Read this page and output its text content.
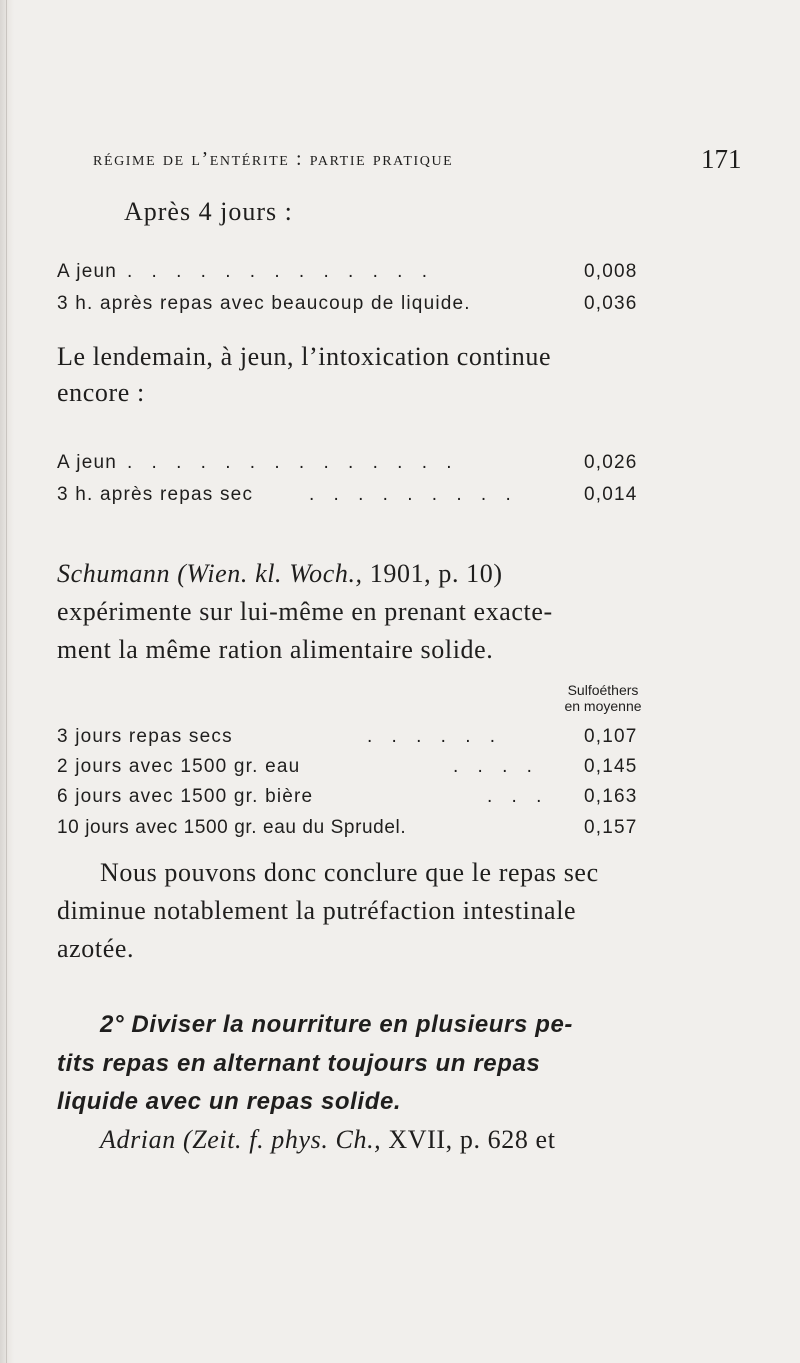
régime de l’entérite : partie pratique	171
Après 4 jours :
A jeun . . . . . . . . . . . . .	0,008
3 h. après repas avec beaucoup de liquide.	0,036
Le lendemain, à jeun, l’intoxication continue
encore :
A jeun . . . . . . . . . . . . . .	0,026
3 h. après repas sec	. . . . . . . . .	0,014
Schumann (Wien. kl. Woch., 1901, p. 10)
expérimente sur lui-même en prenant exacte-
ment la même ration alimentaire solide.
Sulfoéthers
en moyenne
3 jours repas secs	. . . . . .	0,107
2 jours avec 1500 gr. eau	. . . . 0,145
6 jours avec 1500 gr. bière	. . . 0,163
10 jours avec 1500 gr. eau du Sprudel.	0,157
Nous pouvons donc conclure que le repas sec
diminue notablement la putréfaction intestinale
azotée.
2° Diviser la nourriture en plusieurs pe-
tits repas en alternant toujours un repas
liquide avec un repas solide.
Adrian (Zeit. f. phys. Ch., XVII, p. 628 et
